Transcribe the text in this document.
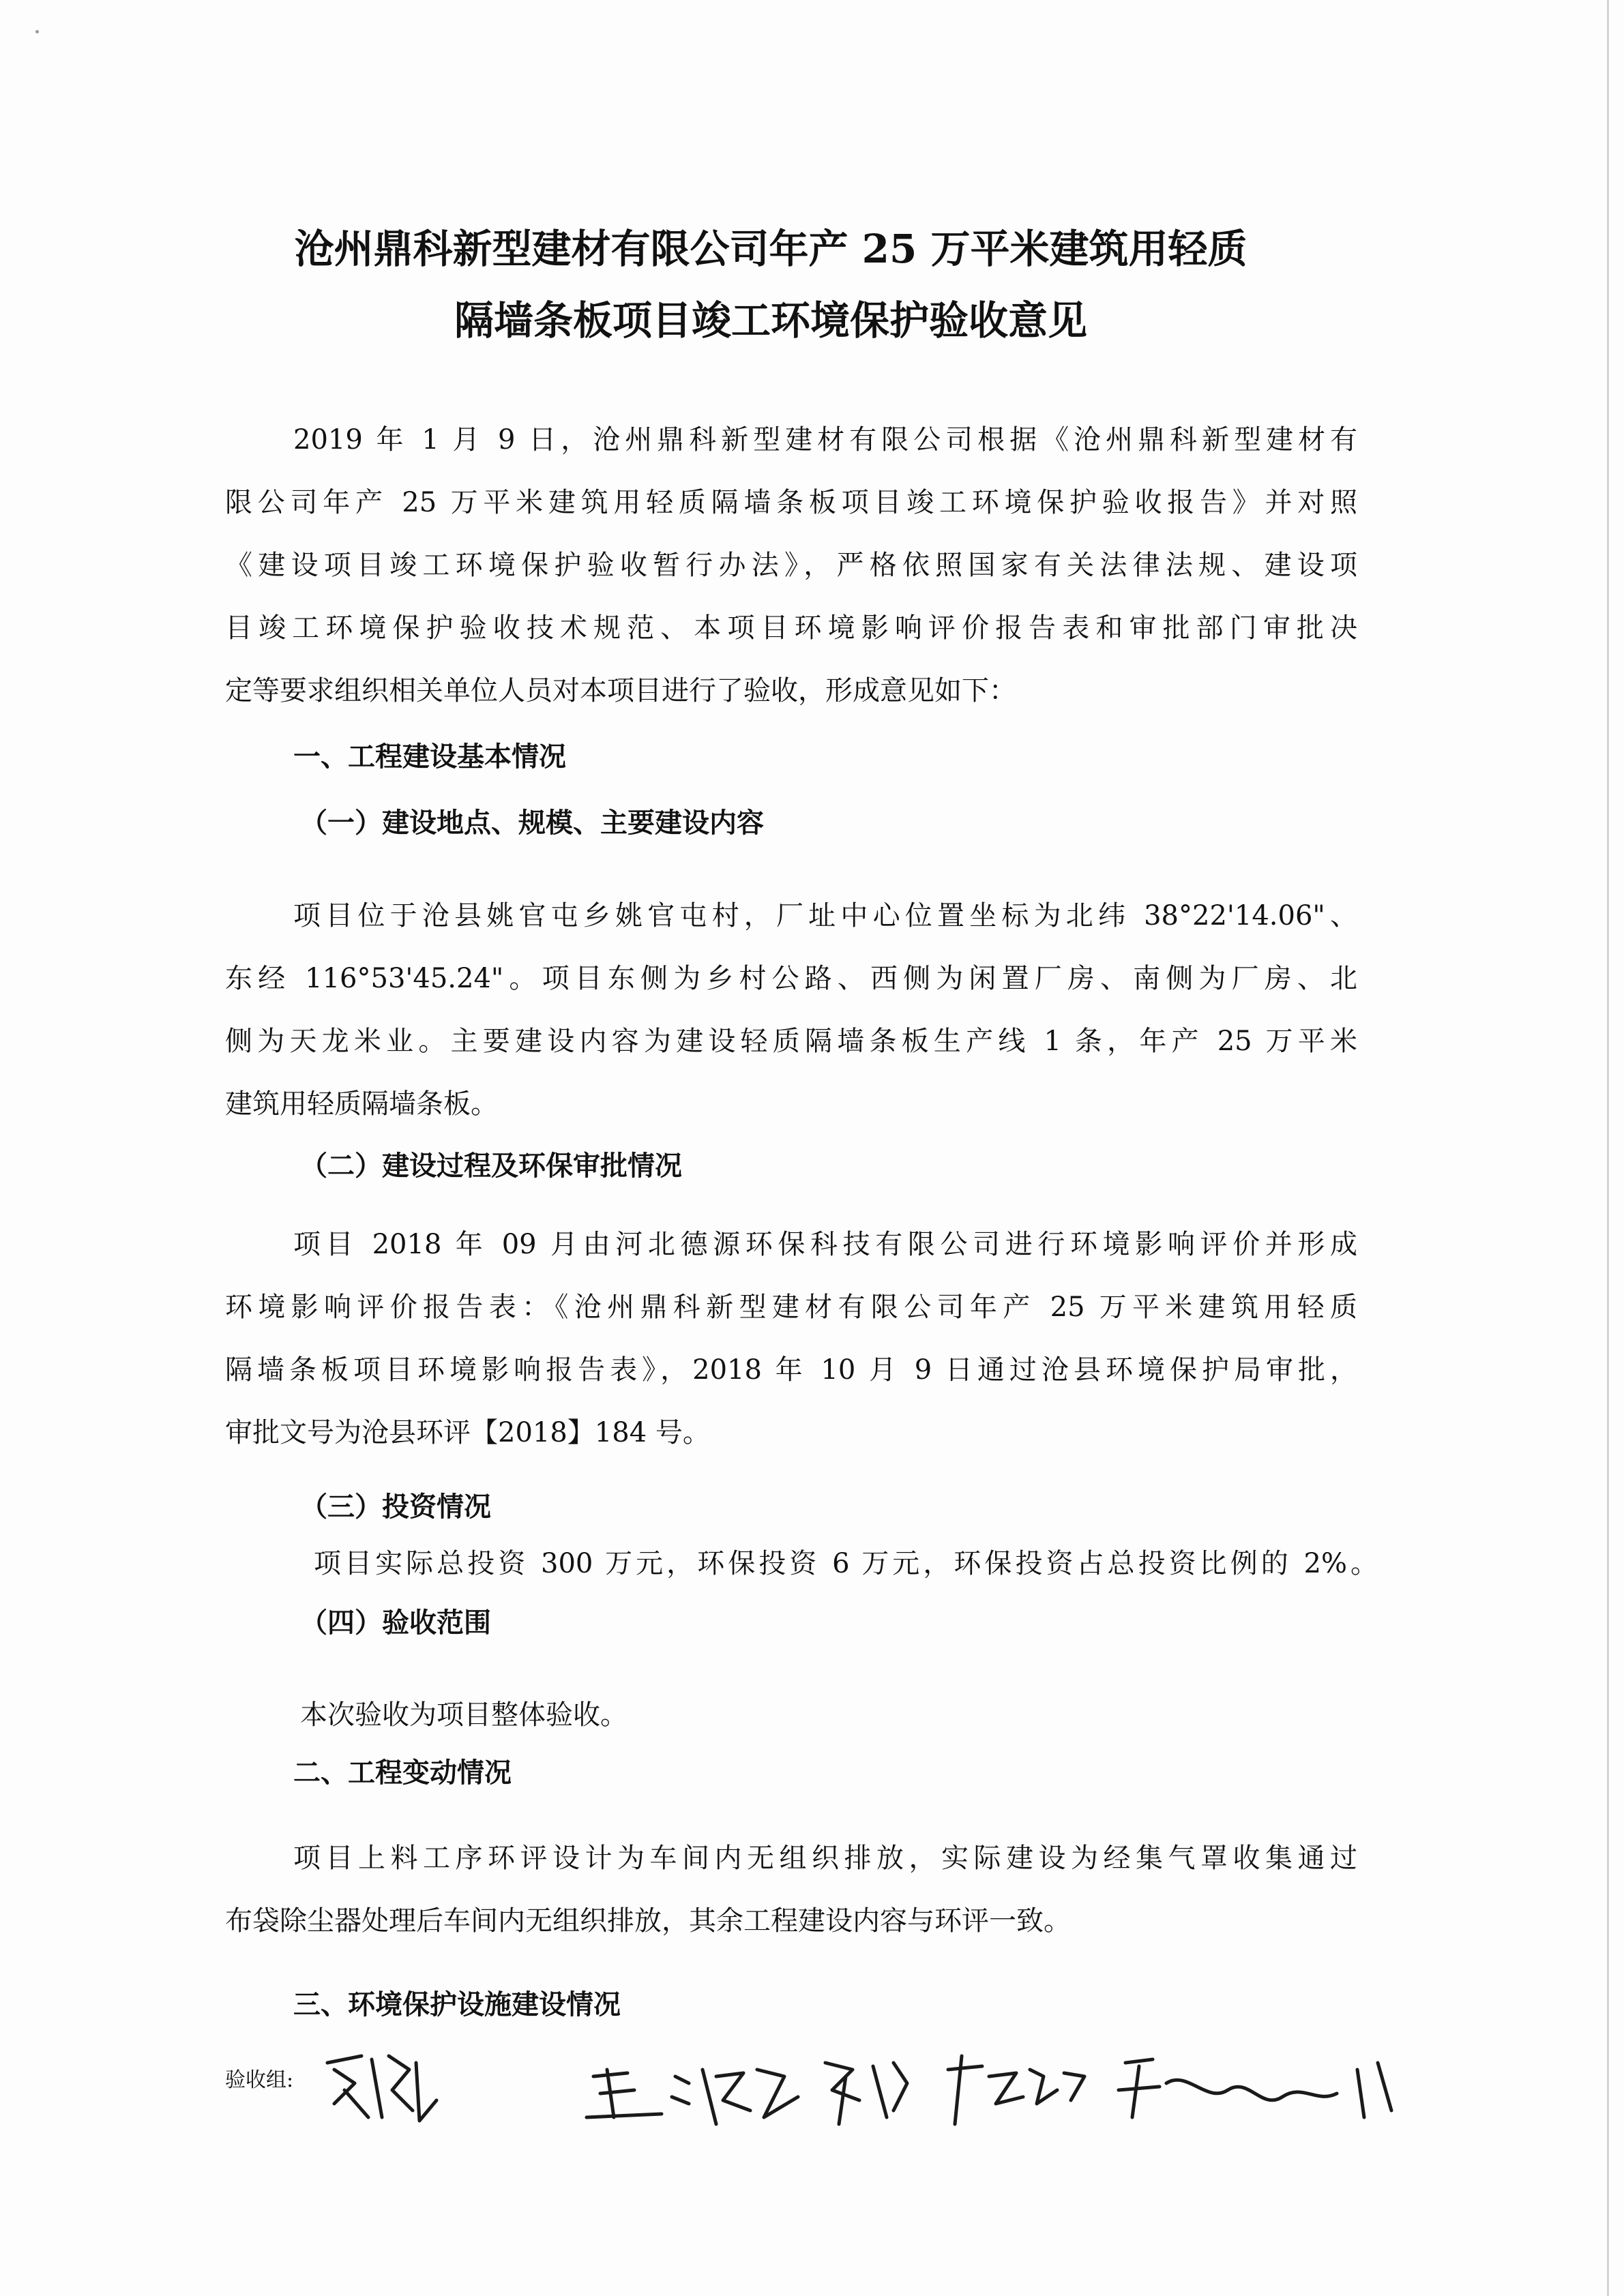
沧州鼎科新型建材有限公司年产 25 万平米建筑用轻质
隔墙条板项目竣工环境保护验收意见
2019 年 1 月 9 日，沧州鼎科新型建材有限公司根据《沧州鼎科新型建材有
限公司年产 25 万平米建筑用轻质隔墙条板项目竣工环境保护验收报告》并对照
《建设项目竣工环境保护验收暂行办法》，严格依照国家有关法律法规、建设项
目竣工环境保护验收技术规范、本项目环境影响评价报告表和审批部门审批决
定等要求组织相关单位人员对本项目进行了验收，形成意见如下：
一、工程建设基本情况
（一）建设地点、规模、主要建设内容
项目位于沧县姚官屯乡姚官屯村，厂址中心位置坐标为北纬 38°22'14.06"、
东经 116°53'45.24"。项目东侧为乡村公路、西侧为闲置厂房、南侧为厂房、北
侧为天龙米业。主要建设内容为建设轻质隔墙条板生产线 1 条，年产 25 万平米
建筑用轻质隔墙条板。
（二）建设过程及环保审批情况
项目 2018 年 09 月由河北德源环保科技有限公司进行环境影响评价并形成
环境影响评价报告表：《沧州鼎科新型建材有限公司年产 25 万平米建筑用轻质
隔墙条板项目环境影响报告表》，2018 年 10 月 9 日通过沧县环境保护局审批，
审批文号为沧县环评【2018】184 号。
（三）投资情况
项目实际总投资 300 万元，环保投资 6 万元，环保投资占总投资比例的 2%。
（四）验收范围
本次验收为项目整体验收。
二、工程变动情况
项目上料工序环评设计为车间内无组织排放，实际建设为经集气罩收集通过
布袋除尘器处理后车间内无组织排放，其余工程建设内容与环评一致。
三、环境保护设施建设情况
验收组:
